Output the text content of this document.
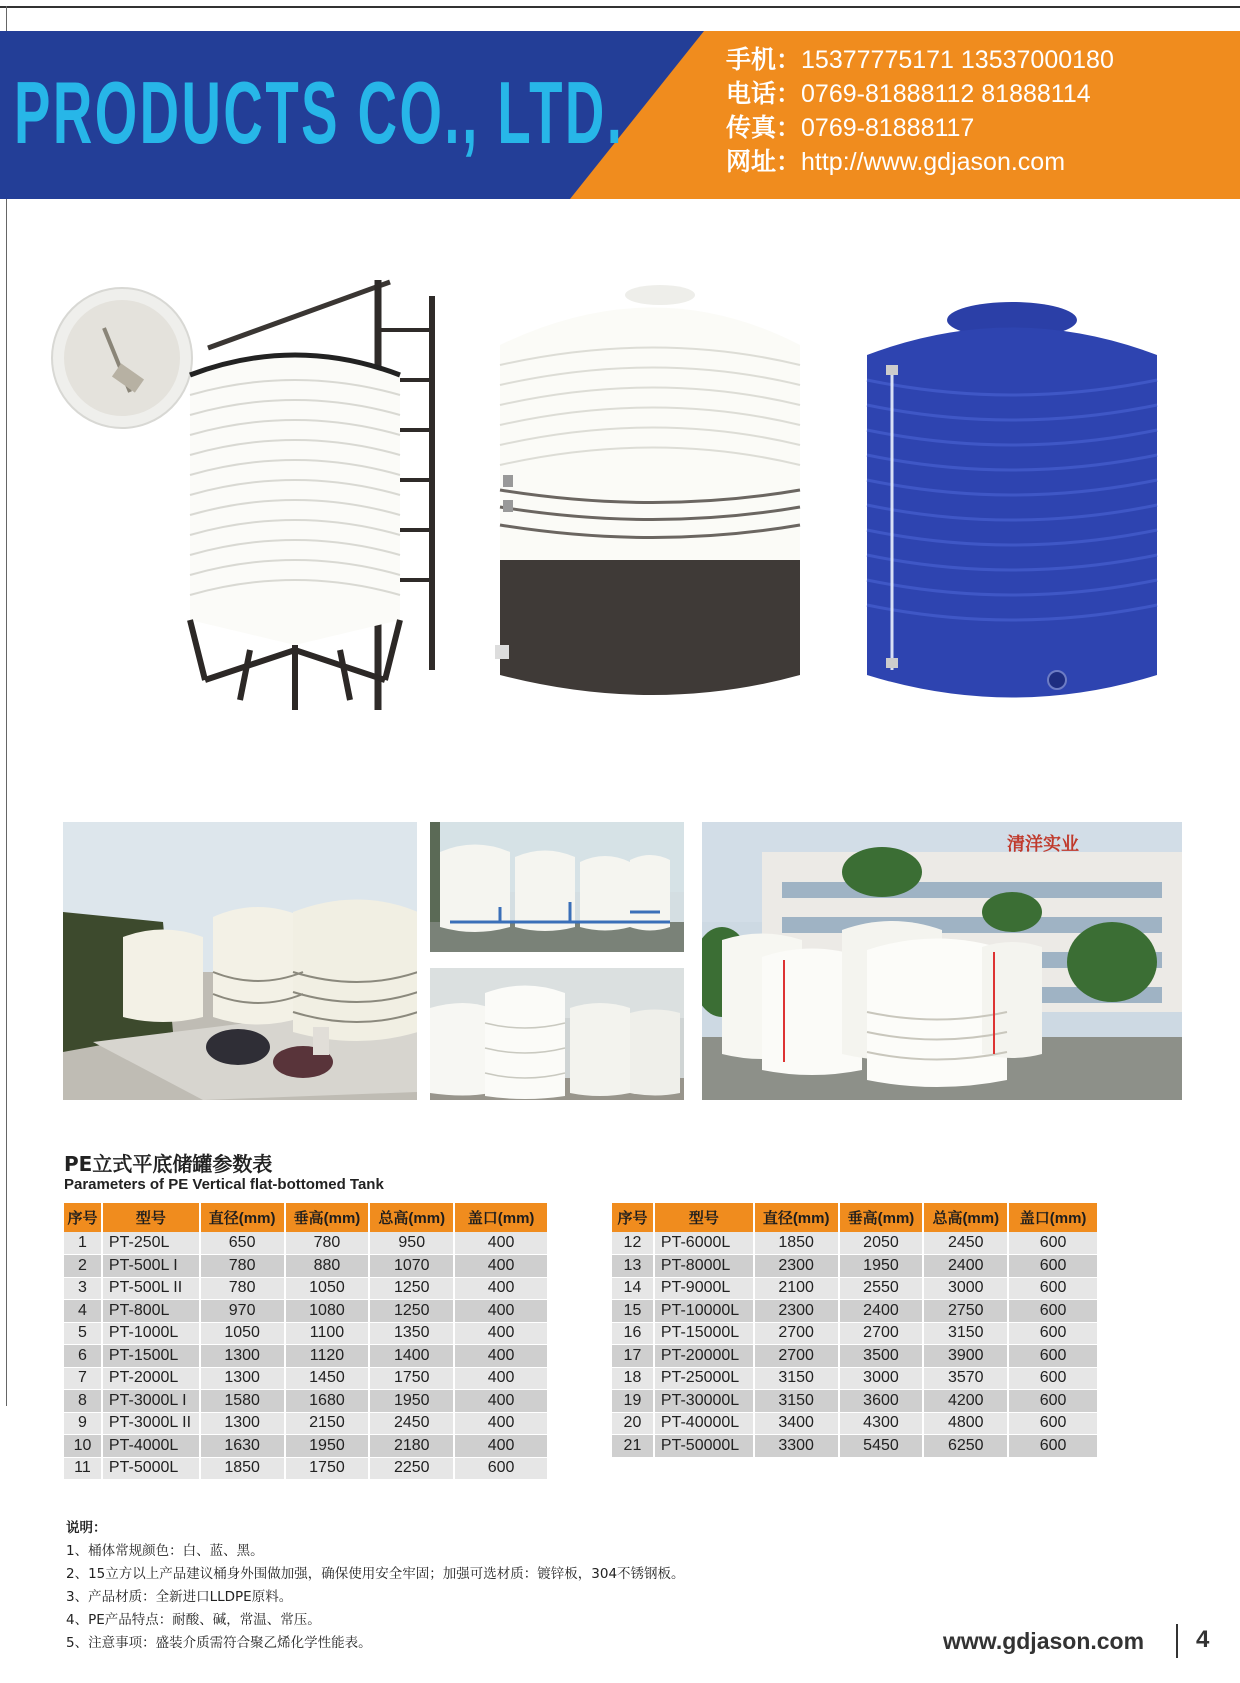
PRODUCTS CO., LTD.
手机：15377775171 13537000180
电话：0769-81888112 81888114
传真：0769-81888117
网址：http://www.gdjason.com
清洋实业
PE立式平底储罐参数表
Parameters of PE Vertical flat-bottomed Tank
序号	型号	直径(mm)	垂高(mm)	总高(mm)	盖口(mm)
1	PT-250L	650	780	950	400
2	PT-500L I	780	880	1070	400
3	PT-500L II	780	1050	1250	400
4	PT-800L	970	1080	1250	400
5	PT-1000L	1050	1100	1350	400
6	PT-1500L	1300	1120	1400	400
7	PT-2000L	1300	1450	1750	400
8	PT-3000L I	1580	1680	1950	400
9	PT-3000L II	1300	2150	2450	400
10	PT-4000L	1630	1950	2180	400
11	PT-5000L	1850	1750	2250	600
序号	型号	直径(mm)	垂高(mm)	总高(mm)	盖口(mm)
12	PT-6000L	1850	2050	2450	600
13	PT-8000L	2300	1950	2400	600
14	PT-9000L	2100	2550	3000	600
15	PT-10000L	2300	2400	2750	600
16	PT-15000L	2700	2700	3150	600
17	PT-20000L	2700	3500	3900	600
18	PT-25000L	3150	3000	3570	600
19	PT-30000L	3150	3600	4200	600
20	PT-40000L	3400	4300	4800	600
21	PT-50000L	3300	5450	6250	600
说明：
1、桶体常规颜色：白、蓝、黑。
2、15立方以上产品建议桶身外围做加强，确保使用安全牢固；加强可选材质：镀锌板，304不锈钢板。
3、产品材质：全新进口LLDPE原料。
4、PE产品特点：耐酸、碱，常温、常压。
5、注意事项：盛装介质需符合聚乙烯化学性能表。	www.gdjason.com 4
